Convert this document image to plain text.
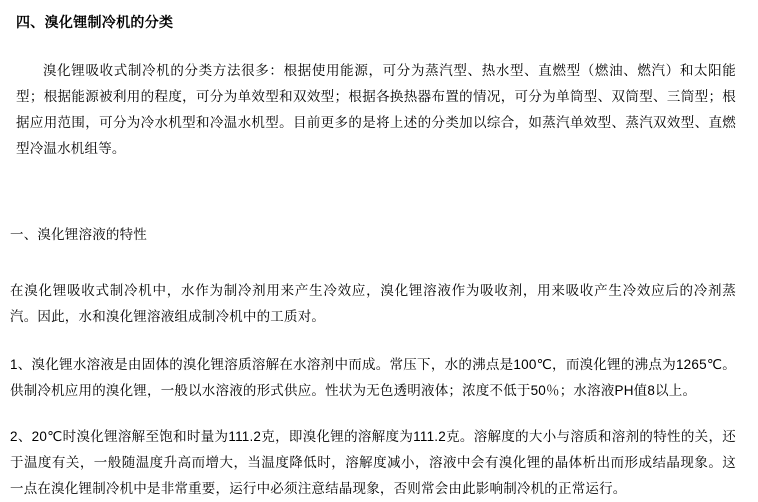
四、溴化锂制冷机的分类

溴化锂吸收式制冷机的分类方法很多：根据使用能源，可分为蒸汽型、热水型、直燃型（燃油、燃汽）和太阳能型；根据能源被利用的程度，可分为单效型和双效型；根据各换热器布置的情况，可分为单筒型、双筒型、三筒型；根据应用范围，可分为冷水机型和冷温水机型。目前更多的是将上述的分类加以综合，如蒸汽单效型、蒸汽双效型、直燃型冷温水机组等。

一、溴化锂溶液的特性

在溴化锂吸收式制冷机中，水作为制冷剂用来产生冷效应，溴化锂溶液作为吸收剂，用来吸收产生冷效应后的冷剂蒸汽。因此，水和溴化锂溶液组成制冷机中的工质对。

1、溴化锂水溶液是由固体的溴化锂溶质溶解在水溶剂中而成。常压下，水的沸点是100℃，而溴化锂的沸点为1265℃。供制冷机应用的溴化锂，一般以水溶液的形式供应。性状为无色透明液体；浓度不低于50％；水溶液PH值8以上。

2、20℃时溴化锂溶解至饱和时量为111.2克，即溴化锂的溶解度为111.2克。溶解度的大小与溶质和溶剂的特性的关，还于温度有关，一般随温度升高而增大，当温度降低时，溶解度减小，溶液中会有溴化锂的晶体析出而形成结晶现象。这一点在溴化锂制冷机中是非常重要，运行中必须注意结晶现象，否则常会由此影响制冷机的正常运行。
